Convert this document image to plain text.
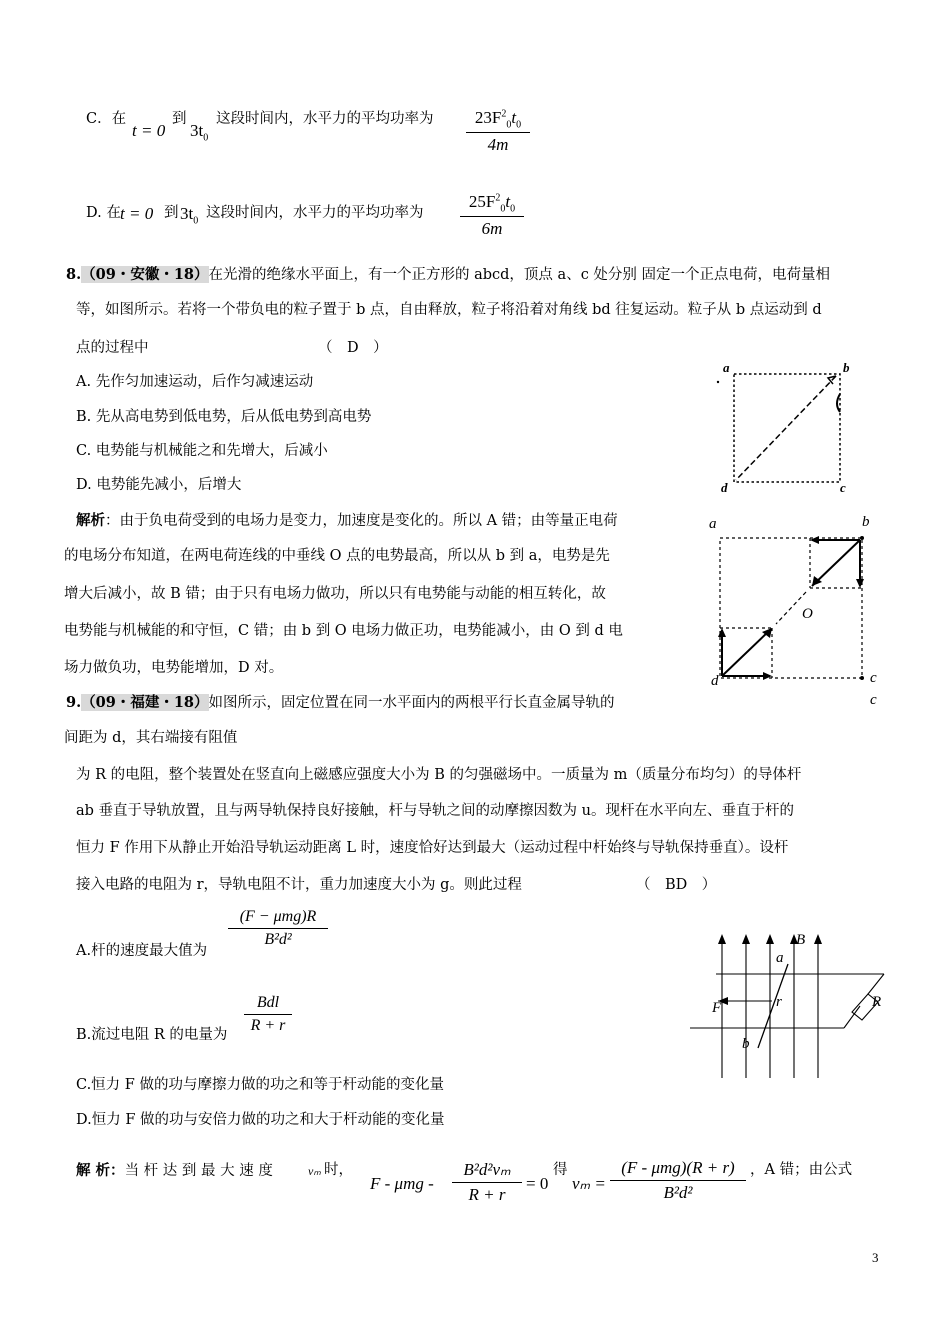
C．在
t = 0
到
$3t_0$
这段时间内，水平力的平均功率为 $\frac{23F^2_0t_0}{4m}$
D. 在 t = 0 到 $3t_0$ 这段时间内，水平力的平均功率为 $\frac{25F^2_0t_0}{6m}$
8.（09・安徽・18）在光滑的绝缘水平面上，有一个正方形的 abcd，顶点 a、c 处分别 固定一个正点电荷，电荷量相
等，如图所示。若将一个带负电的粒子置于 b 点，自由释放，粒子将沿着对角线 bd 往复运动。粒子从 b 点运动到 d
点的过程中	（　D　）
A. 先作匀加速运动，后作匀减速运动
B. 先从高电势到低电势，后从低电势到高电势
C. 电势能与机械能之和先增大，后减小
D. 电势能先减小，后增大
解析：由于负电荷受到的电场力是变力，加速度是变化的。所以 A 错；由等量正电荷
的电场分布知道，在两电荷连线的中垂线 O 点的电势最高，所以从 b 到 a，电势是先
增大后减小，故 B 错；由于只有电场力做功，所以只有电势能与动能的相互转化，故
电势能与机械能的和守恒，C 错；由 b 到 O 电场力做正功，电势能减小，由 O 到 d 电
场力做负功，电势能增加，D 对。
a	b
d	c
a	b
O
d	c
c
9.（09・福建・18）如图所示，固定位置在同一水平面内的两根平行长直金属导轨的
间距为 d，其右端接有阻值
为 R 的电阻，整个装置处在竖直向上磁感应强度大小为 B 的匀强磁场中。一质量为 m（质量分布均匀）的导体杆
ab 垂直于导轨放置，且与两导轨保持良好接触，杆与导轨之间的动摩擦因数为 u。现杆在水平向左、垂直于杆的
恒力 F 作用下从静止开始沿导轨运动距离 L 时，速度恰好达到最大（运动过程中杆始终与导轨保持垂直）。设杆
接入电路的电阻为 r，导轨电阻不计，重力加速度大小为 g。则此过程	（　BD　）
A.杆的速度最大值为
(F − μmg)R
B²d²
B.流过电阻 R 的电量为
Bdl
R + r
C.恒力 F 做的功与摩擦力做的功之和等于杆动能的变化量
D.恒力 F 做的功与安倍力做的功之和大于杆动能的变化量
解 析：当 杆 达 到 最 大 速 度	vₘ 时，
$F - \mu mg - \frac{\text{B²d²vₘ}}{R + r} = 0$
得
vₘ =
(F - μmg)(R + r)
B²d²
，A 错；由公式
B
a
F	r	R
b
3
